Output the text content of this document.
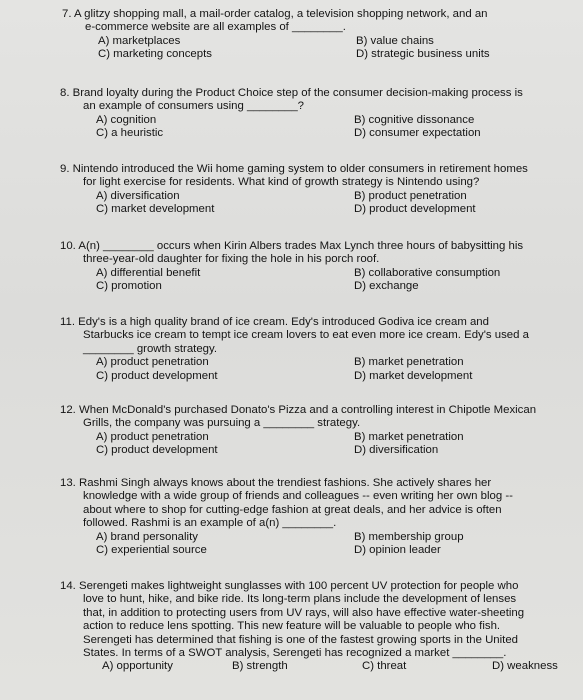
7. A glitzy shopping mall, a mail-order catalog, a television shopping network, and an
e-commerce website are all examples of ________.
A) marketplaces	B) value chains
C) marketing concepts	D) strategic business units
8. Brand loyalty during the Product Choice step of the consumer decision-making process is
an example of consumers using ________?
A) cognition	B) cognitive dissonance
C) a heuristic	D) consumer expectation
9. Nintendo introduced the Wii home gaming system to older consumers in retirement homes
for light exercise for residents. What kind of growth strategy is Nintendo using?
A) diversification	B) product penetration
C) market development	D) product development
10. A(n) ________ occurs when Kirin Albers trades Max Lynch three hours of babysitting his
three-year-old daughter for fixing the hole in his porch roof.
A) differential benefit	B) collaborative consumption
C) promotion	D) exchange
11. Edy's is a high quality brand of ice cream. Edy's introduced Godiva ice cream and
Starbucks ice cream to tempt ice cream lovers to eat even more ice cream. Edy's used a
________ growth strategy.
A) product penetration	B) market penetration
C) product development	D) market development
12. When McDonald's purchased Donato's Pizza and a controlling interest in Chipotle Mexican
Grills, the company was pursuing a ________ strategy.
A) product penetration	B) market penetration
C) product development	D) diversification
13. Rashmi Singh always knows about the trendiest fashions. She actively shares her
knowledge with a wide group of friends and colleagues -- even writing her own blog --
about where to shop for cutting-edge fashion at great deals, and her advice is often
followed. Rashmi is an example of a(n) ________.
A) brand personality	B) membership group
C) experiential source	D) opinion leader
14. Serengeti makes lightweight sunglasses with 100 percent UV protection for people who
love to hunt, hike, and bike ride. Its long-term plans include the development of lenses
that, in addition to protecting users from UV rays, will also have effective water-sheeting
action to reduce lens spotting. This new feature will be valuable to people who fish.
Serengeti has determined that fishing is one of the fastest growing sports in the United
States. In terms of a SWOT analysis, Serengeti has recognized a market ________.
A) opportunity	B) strength	C) threat	D) weakness
